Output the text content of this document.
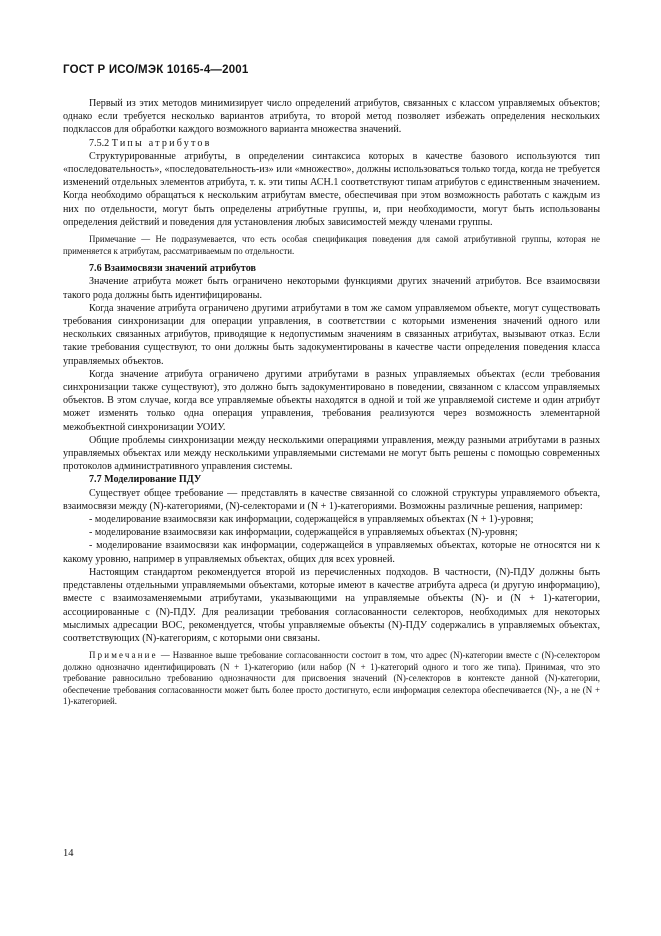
ГОСТ Р ИСО/МЭК 10165-4—2001

Первый из этих методов минимизирует число определений атрибутов, связанных с классом управляемых объектов; однако если требуется несколько вариантов атрибута, то второй метод позволяет избежать определения нескольких подклассов для обработки каждого возможного варианта множества значений.

7.5.2 Типы атрибутов

Структурированные атрибуты, в определении синтаксиса которых в качестве базового используются тип «последовательность», «последовательность-из» или «множество», должны использоваться только тогда, когда не требуется изменений отдельных элементов атрибута, т. к. эти типы АСН.1 соответствуют типам атрибутов с единственным значением. Когда необходимо обращаться к нескольким атрибутам вместе, обеспечивая при этом возможность работать с каждым из них по отдельности, могут быть определены атрибутные группы, и, при необходимости, могут быть использованы определения действий и поведения для установления любых зависимостей между членами группы.

Примечание — Не подразумевается, что есть особая спецификация поведения для самой атрибутивной группы, которая не применяется к атрибутам, рассматриваемым по отдельности.

7.6 Взаимосвязи значений атрибутов

Значение атрибута может быть ограничено некоторыми функциями других значений атрибутов. Все взаимосвязи такого рода должны быть идентифицированы.

Когда значение атрибута ограничено другими атрибутами в том же самом управляемом объекте, могут существовать требования синхронизации для операции управления, в соответствии с которыми изменения значений одного или нескольких связанных атрибутов, приводящие к недопустимым значениям в связанных атрибутах, вызывают отказ. Если такие требования существуют, то они должны быть задокументированы в качестве части определения поведения класса управляемых объектов.

Когда значение атрибута ограничено другими атрибутами в разных управляемых объектах (если требования синхронизации также существуют), это должно быть задокументировано в поведении, связанном с классом управляемых объектов. В этом случае, когда все управляемые объекты находятся в одной и той же управляемой системе и один атрибут может изменять только одна операция управления, требования реализуются через возможность элементарной межобъектной синхронизации УОИУ.

Общие проблемы синхронизации между несколькими операциями управления, между разными атрибутами в разных управляемых объектах или между несколькими управляемыми системами не могут быть решены с помощью современных протоколов административного управления системы.

7.7 Моделирование ПДУ

Существует общее требование — представлять в качестве связанной со сложной структуры управляемого объекта, взаимосвязи между (N)-категориями, (N)-селекторами и (N + 1)-категориями. Возможны различные решения, например:

- моделирование взаимосвязи как информации, содержащейся в управляемых объектах (N + 1)-уровня;

- моделирование взаимосвязи как информации, содержащейся в управляемых объектах (N)-уровня;

- моделирование взаимосвязи как информации, содержащейся в управляемых объектах, которые не относятся ни к какому уровню, например в управляемых объектах, общих для всех уровней.

Настоящим стандартом рекомендуется второй из перечисленных подходов. В частности, (N)-ПДУ должны быть представлены отдельными управляемыми объектами, которые имеют в качестве атрибута адреса (и другую информацию), вместе с взаимозаменяемыми атрибутами, указывающими на управляемые объекты (N)- и (N + 1)-категории, ассоциированные с (N)-ПДУ. Для реализации требования согласованности селекторов, необходимых для некоторых мыслимых адресации ВОС, рекомендуется, чтобы управляемые объекты (N)-ПДУ содержались в управляемых объектах, соответствующих (N)-категориям, с которыми они связаны.

Примечание — Названное выше требование согласованности состоит в том, что адрес (N)-категории вместе с (N)-селектором должно однозначно идентифицировать (N + 1)-категорию (или набор (N + 1)-категорий одного и того же типа). Принимая, что это требование равносильно требованию однозначности для присвоения значений (N)-селекторов в контексте данной (N)-категории, обеспечение требования согласованности может быть более просто достигнуто, если информация селектора обеспечивается (N)-, а не (N + 1)-категорией.

14
